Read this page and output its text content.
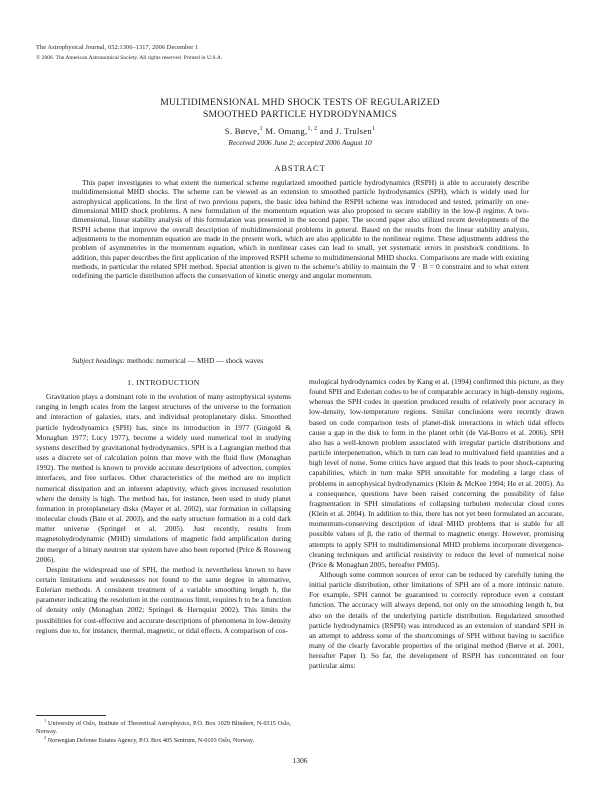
The Astrophysical Journal, 652:1306–1317, 2006 December 1
© 2006. The American Astronomical Society. All rights reserved. Printed in U.S.A.
MULTIDIMENSIONAL MHD SHOCK TESTS OF REGULARIZED
SMOOTHED PARTICLE HYDRODYNAMICS
S. Børve,$^1$ M. Omang,$^{1, 2}$ and J. Trulsen$^1$
Received 2006 June 2; accepted 2006 August 10
ABSTRACT

This paper investigates to what extent the numerical scheme regularized smoothed particle hydrodynamics (RSPH) is able to accurately describe multidimensional MHD shocks. The scheme can be viewed as an extension to smoothed particle hydrodynamics (SPH), which is widely used for astrophysical applications. In the first of two previous papers, the basic idea behind the RSPH scheme was introduced and tested, primarily on one-dimensional MHD shock problems. A new formulation of the momentum equation was also proposed to secure stability in the low-β regime. A two-dimensional, linear stability analysis of this formulation was presented in the second paper. The second paper also utilized recent developments of the RSPH scheme that improve the overall description of multidimensional problems in general. Based on the results from the linear stability analysis, adjustments to the momentum equation are made in the present work, which are also applicable to the nonlinear regime. These adjustments address the problem of asymmetries in the momentum equation, which in nonlinear cases can lead to small, yet systematic errors in postshock conditions. In addition, this paper describes the first application of the improved RSPH scheme to multidimensional MHD shocks. Comparisons are made with existing methods, in particular the related SPH method. Special attention is given to the scheme’s ability to maintain the ∇ · B = 0 constraint and to what extent redefining the particle distribution affects the conservation of kinetic energy and angular momentum.

Subject headings: methods: numerical — MHD — shock waves

1. INTRODUCTION

Gravitation plays a dominant role in the evolution of many astrophysical systems ranging in length scales from the largest structures of the universe to the formation and interaction of galaxies, stars, and individual protoplanetary disks. Smoothed particle hydrodynamics (SPH) has, since its introduction in 1977 (Gingold & Monaghan 1977; Lucy 1977), become a widely used numerical tool in studying systems described by gravitational hydrodynamics. SPH is a Lagrangian method that uses a discrete set of calculation points that move with the fluid flow (Monaghan 1992). The method is known to provide accurate descriptions of advection, complex interfaces, and free surfaces. Other characteristics of the method are no implicit numerical dissipation and an inherent adaptivity, which gives increased resolution where the density is high. The method has, for instance, been used to study planet formation in protoplanetary disks (Mayer et al. 2002), star formation in collapsing molecular clouds (Bate et al. 2003), and the early structure formation in a cold dark matter universe (Springel et al. 2005). Just recently, results from magnetohydrodynamic (MHD) simulations of magnetic field amplification during the merger of a binary neutron star system have also been reported (Price & Rosswog 2006).

Despite the widespread use of SPH, the method is nevertheless known to have certain limitations and weaknesses not found to the same degree in alternative, Eulerian methods. A consistent treatment of a variable smoothing length h, the parameter indicating the resolution in the continuous limit, requires h to be a function of density only (Monaghan 2002; Springel & Hernquist 2002). This limits the possibilities for cost-effective and accurate descriptions of phenomena in low-density regions due to, for instance, thermal, magnetic, or tidal effects. A comparison of cos-

mological hydrodynamics codes by Kang et al. (1994) confirmed this picture, as they found SPH and Eulerian codes to be of comparable accuracy in high-density regions, whereas the SPH codes in question produced results of relatively poor accuracy in low-density, low-temperature regions. Similar conclusions were recently drawn based on code comparison tests of planet-disk interactions in which tidal effects cause a gap in the disk to form in the planet orbit (de Val-Borro et al. 2006). SPH also has a well-known problem associated with irregular particle distributions and particle interpenetration, which in turn can lead to multivalued field quantities and a high level of noise. Some critics have argued that this leads to poor shock-capturing capabilities, which in turn make SPH unsuitable for modeling a large class of problems in astrophysical hydrodynamics (Klein & McKee 1994; He et al. 2005). As a consequence, questions have been raised concerning the possibility of false fragmentation in SPH simulations of collapsing turbulent molecular cloud cores (Klein et al. 2004). In addition to this, there has not yet been formulated an accurate, momentum-conserving description of ideal MHD problems that is stable for all possible values of β, the ratio of thermal to magnetic energy. However, promising attempts to apply SPH to multidimensional MHD problems incorporate divergence-cleaning techniques and artificial resistivity to reduce the level of numerical noise (Price & Monaghan 2005, hereafter PM05).

Although some common sources of error can be reduced by carefully tuning the initial particle distribution, other limitations of SPH are of a more intrinsic nature. For example, SPH cannot be guaranteed to correctly reproduce even a constant function. The accuracy will always depend, not only on the smoothing length h, but also on the details of the underlying particle distribution. Regularized smoothed particle hydrodynamics (RSPH) was introduced as an extension of standard SPH in an attempt to address some of the shortcomings of SPH without having to sacrifice many of the clearly favorable properties of the original method (Børve et al. 2001, hereafter Paper I). So far, the development of RSPH has concentrated on four particular aims:

$^1$ University of Oslo, Institute of Theoretical Astrophysics, P.O. Box 1029 Blindern, N-0315 Oslo, Norway.

$^2$ Norwegian Defense Estates Agency, P.O. Box 405 Sentrum, N-0103 Oslo, Norway.

1306
